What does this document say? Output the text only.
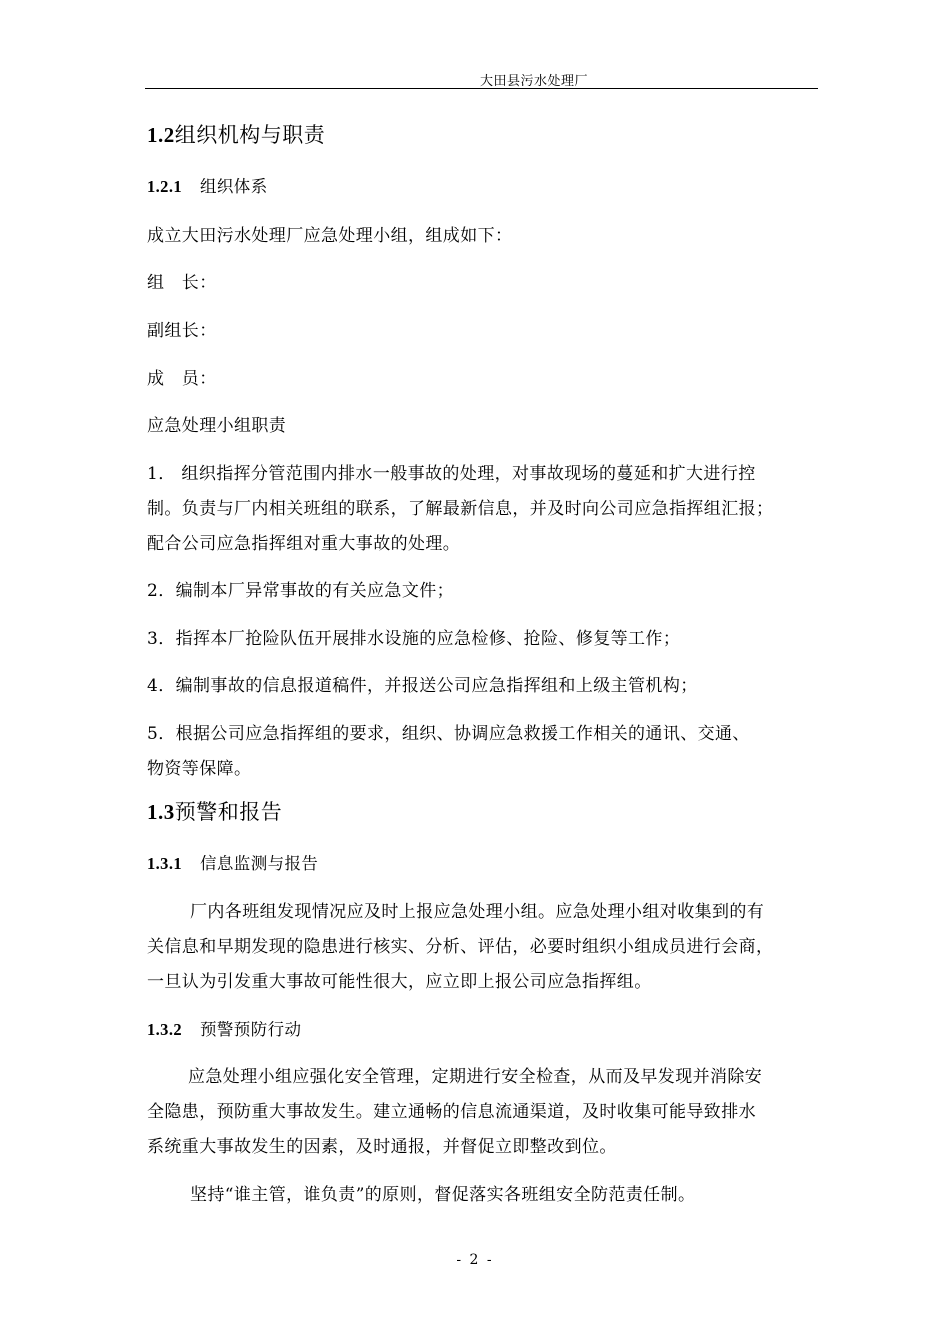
大田县污水处理厂
1.2组织机构与职责
1.2.1 组织体系
成立大田污水处理厂应急处理小组，组成如下：
组　长：
副组长：
成　员：
应急处理小组职责
1． 组织指挥分管范围内排水一般事故的处理，对事故现场的蔓延和扩大进行控
制。负责与厂内相关班组的联系，了解最新信息，并及时向公司应急指挥组汇报；
配合公司应急指挥组对重大事故的处理。
2．编制本厂异常事故的有关应急文件；
3．指挥本厂抢险队伍开展排水设施的应急检修、抢险、修复等工作；
4．编制事故的信息报道稿件，并报送公司应急指挥组和上级主管机构；
5．根据公司应急指挥组的要求，组织、协调应急救援工作相关的通讯、交通、
物资等保障。
1.3预警和报告
1.3.1 信息监测与报告
厂内各班组发现情况应及时上报应急处理小组。应急处理小组对收集到的有
关信息和早期发现的隐患进行核实、分析、评估，必要时组织小组成员进行会商，
一旦认为引发重大事故可能性很大，应立即上报公司应急指挥组。
1.3.2 预警预防行动
应急处理小组应强化安全管理，定期进行安全检查，从而及早发现并消除安
全隐患，预防重大事故发生。建立通畅的信息流通渠道，及时收集可能导致排水
系统重大事故发生的因素，及时通报，并督促立即整改到位。
坚持“谁主管，谁负责”的原则，督促落实各班组安全防范责任制。
- 2 -
